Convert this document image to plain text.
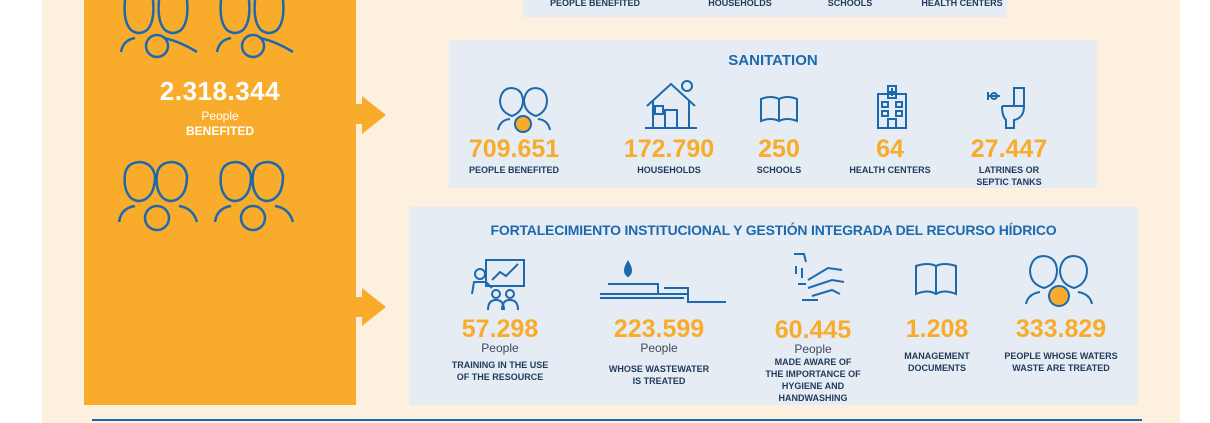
PEOPLE BENEFITED	HOUSEHOLDS	SCHOOLS	HEALTH CENTERS
2.318.344
People
BENEFITED
SANITATION
709.651
PEOPLE BENEFITED
172.790
HOUSEHOLDS
250
SCHOOLS
64
HEALTH CENTERS
27.447
LATRINES OR
SEPTIC TANKS
FORTALECIMIENTO INSTITUCIONAL Y GESTIÓN INTEGRADA DEL RECURSO HÍDRICO
57.298
People
TRAINING IN THE USE
OF THE RESOURCE
223.599
People
WHOSE WASTEWATER
IS TREATED
60.445
People
MADE AWARE OF
THE IMPORTANCE OF
HYGIENE AND
HANDWASHING
1.208
MANAGEMENT
DOCUMENTS
333.829
PEOPLE WHOSE WATERS
WASTE ARE TREATED
